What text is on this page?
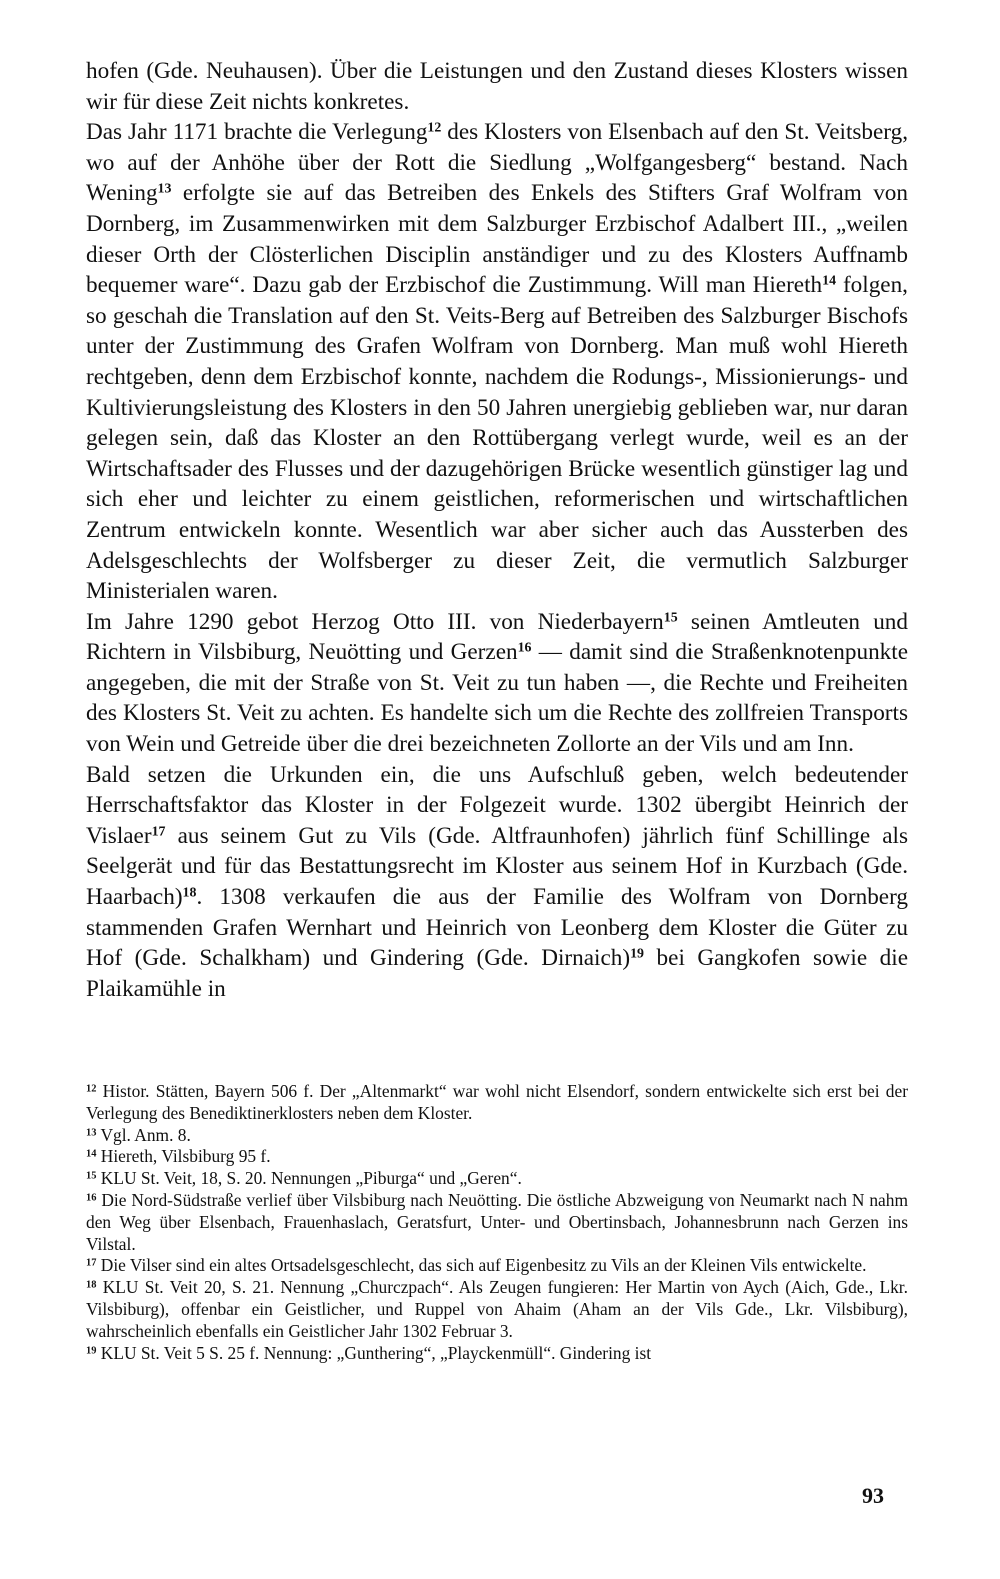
hofen (Gde. Neuhausen). Über die Leistungen und den Zustand dieses Klosters wissen wir für diese Zeit nichts konkretes.

Das Jahr 1171 brachte die Verlegung$^{12}$ des Klosters von Elsenbach auf den St. Veitsberg, wo auf der Anhöhe über der Rott die Siedlung „Wolfgangesberg“ bestand. Nach Wening$^{13}$ erfolgte sie auf das Betreiben des Enkels des Stifters Graf Wolfram von Dornberg, im Zusammenwirken mit dem Salzburger Erzbischof Adalbert III., „weilen dieser Orth der Clösterlichen Disciplin anständiger und zu des Klosters Auffnamb bequemer ware“. Dazu gab der Erzbischof die Zustimmung. Will man Hiereth$^{14}$ folgen, so geschah die Translation auf den St. Veits-Berg auf Betreiben des Salzburger Bischofs unter der Zustimmung des Grafen Wolfram von Dornberg. Man muß wohl Hiereth rechtgeben, denn dem Erzbischof konnte, nachdem die Rodungs-, Missionierungs- und Kultivierungsleistung des Klosters in den 50 Jahren unergiebig geblieben war, nur daran gelegen sein, daß das Kloster an den Rottübergang verlegt wurde, weil es an der Wirtschaftsader des Flusses und der dazugehörigen Brücke wesentlich günstiger lag und sich eher und leichter zu einem geistlichen, reformerischen und wirtschaftlichen Zentrum entwickeln konnte. Wesentlich war aber sicher auch das Aussterben des Adelsgeschlechts der Wolfsberger zu dieser Zeit, die vermutlich Salzburger Ministerialen waren.

Im Jahre 1290 gebot Herzog Otto III. von Niederbayern$^{15}$ seinen Amtleuten und Richtern in Vilsbiburg, Neuötting und Gerzen$^{16}$ — damit sind die Straßenknotenpunkte angegeben, die mit der Straße von St. Veit zu tun haben —, die Rechte und Freiheiten des Klosters St. Veit zu achten. Es handelte sich um die Rechte des zollfreien Transports von Wein und Getreide über die drei bezeichneten Zollorte an der Vils und am Inn.

Bald setzen die Urkunden ein, die uns Aufschluß geben, welch bedeutender Herrschaftsfaktor das Kloster in der Folgezeit wurde. 1302 übergibt Heinrich der Vislaer$^{17}$ aus seinem Gut zu Vils (Gde. Altfraunhofen) jährlich fünf Schillinge als Seelgerät und für das Bestattungsrecht im Kloster aus seinem Hof in Kurzbach (Gde. Haarbach)$^{18}$. 1308 verkaufen die aus der Familie des Wolfram von Dornberg stammenden Grafen Wernhart und Heinrich von Leonberg dem Kloster die Güter zu Hof (Gde. Schalkham) und Gindering (Gde. Dirnaich)$^{19}$ bei Gangkofen sowie die Plaikamühle in

$^{12}$ Histor. Stätten, Bayern 506 f. Der „Altenmarkt“ war wohl nicht Elsendorf, sondern entwickelte sich erst bei der Verlegung des Benediktinerklosters neben dem Kloster.

$^{13}$ Vgl. Anm. 8.

$^{14}$ Hiereth, Vilsbiburg 95 f.

$^{15}$ KLU St. Veit, 18, S. 20. Nennungen „Piburga“ und „Geren“.

$^{16}$ Die Nord-Südstraße verlief über Vilsbiburg nach Neuötting. Die östliche Abzweigung von Neumarkt nach N nahm den Weg über Elsenbach, Frauenhaslach, Geratsfurt, Unter- und Obertinsbach, Johannesbrunn nach Gerzen ins Vilstal.

$^{17}$ Die Vilser sind ein altes Ortsadelsgeschlecht, das sich auf Eigenbesitz zu Vils an der Kleinen Vils entwickelte.

$^{18}$ KLU St. Veit 20, S. 21. Nennung „Churczpach“. Als Zeugen fungieren: Her Martin von Aych (Aich, Gde., Lkr. Vilsbiburg), offenbar ein Geistlicher, und Ruppel von Ahaim (Aham an der Vils Gde., Lkr. Vilsbiburg), wahrscheinlich ebenfalls ein Geistlicher Jahr 1302 Februar 3.

$^{19}$ KLU St. Veit 5 S. 25 f. Nennung: „Gunthering“, „Playckenmüll“. Gindering ist

93
